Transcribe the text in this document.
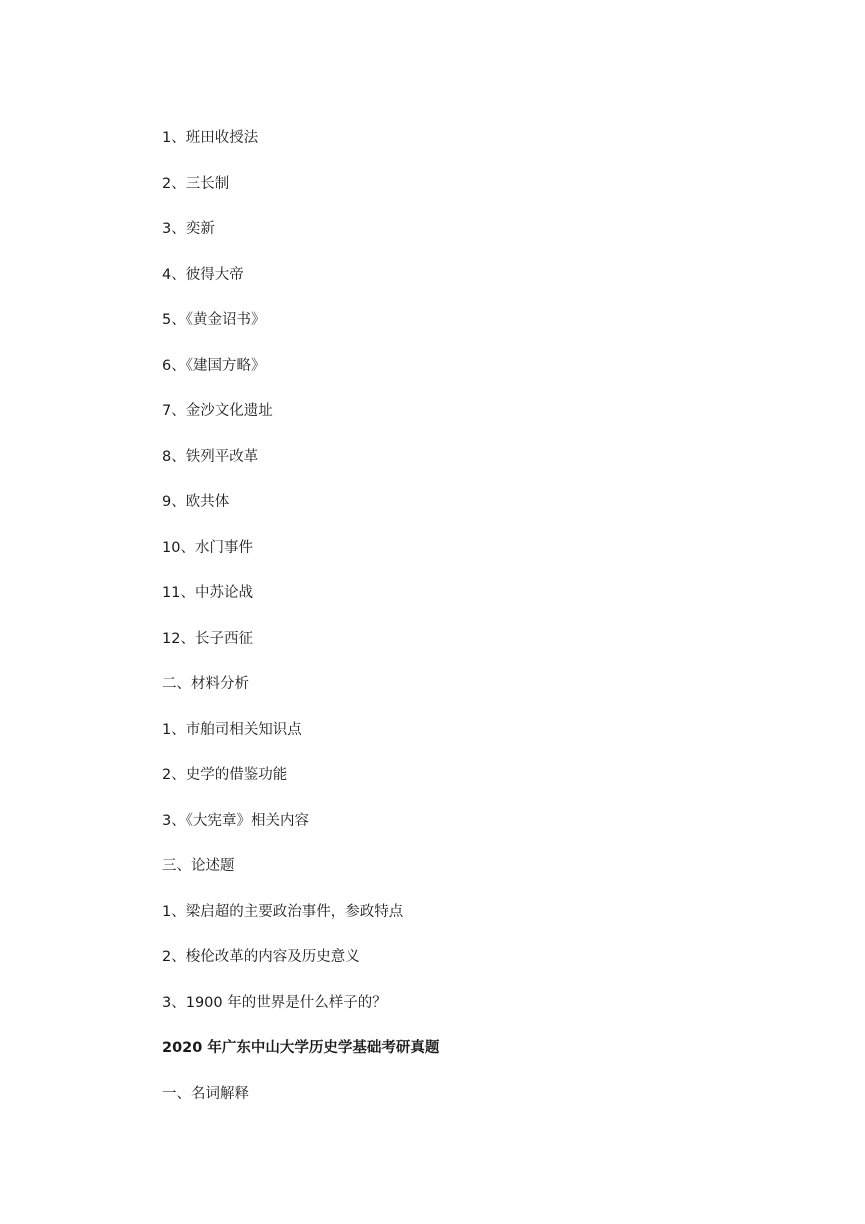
1、班田收授法
2、三长制
3、奕新
4、彼得大帝
5、《黄金诏书》
6、《建国方略》
7、金沙文化遗址
8、铁列平改革
9、欧共体
10、水门事件
11、中苏论战
12、长子西征
二、材料分析
1、市舶司相关知识点
2、史学的借鉴功能
3、《大宪章》相关内容
三、论述题
1、梁启超的主要政治事件，参政特点
2、梭伦改革的内容及历史意义
3、1900 年的世界是什么样子的？
2020 年广东中山大学历史学基础考研真题
一、名词解释
